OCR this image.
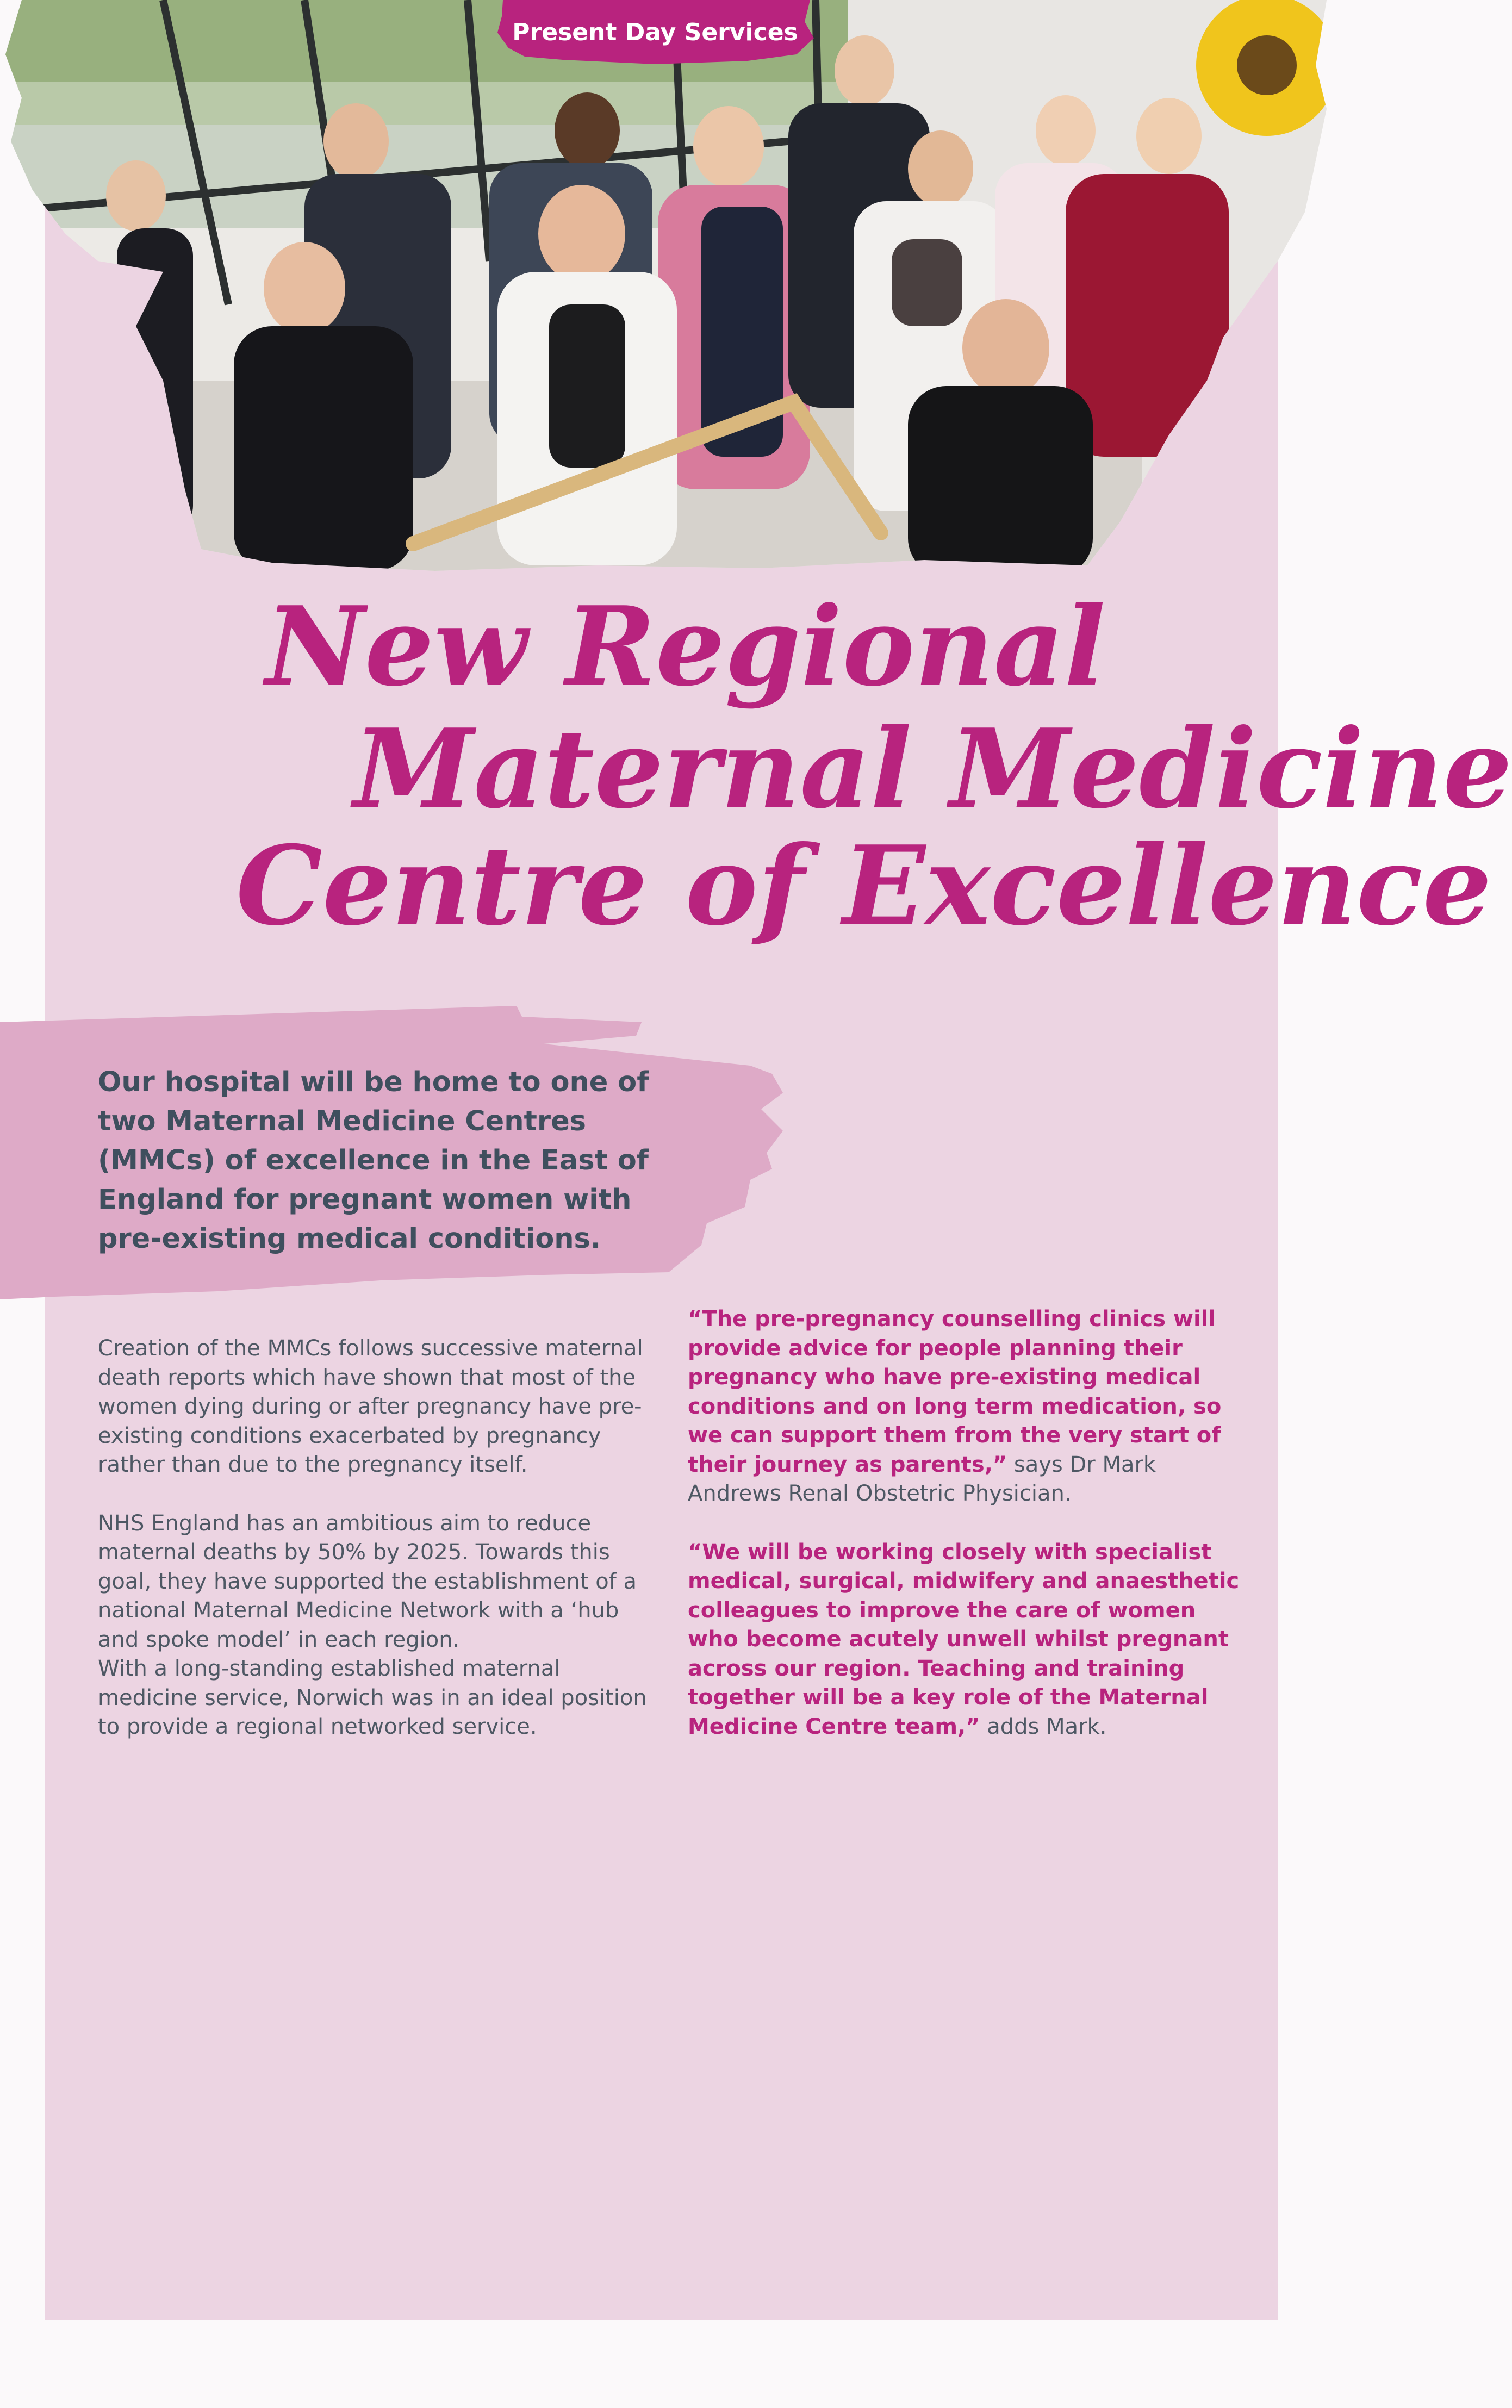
Present Day Services
New Regional
Maternal Medicine
Centre of Excellence
Our hospital will be home to one of two Maternal Medicine Centres (MMCs) of excellence in the East of England for pregnant women with pre-existing medical conditions.

Creation of the MMCs follows successive maternal death reports which have shown that most of the women dying during or after pregnancy have pre-existing conditions exacerbated by pregnancy rather than due to the pregnancy itself.

NHS England has an ambitious aim to reduce maternal deaths by 50% by 2025. Towards this goal, they have supported the establishment of a national Maternal Medicine Network with a ‘hub and spoke model’ in each region.

With a long-standing established maternal medicine service, Norwich was in an ideal position to provide a regional networked service.

“The pre-pregnancy counselling clinics will provide advice for people planning their pregnancy who have pre-existing medical conditions and on long term medication, so we can support them from the very start of their journey as parents,” says Dr Mark Andrews Renal Obstetric Physician.

“We will be working closely with specialist medical, surgical, midwifery and anaesthetic colleagues to improve the care of women who become acutely unwell whilst pregnant across our region. Teaching and training together will be a key role of the Maternal Medicine Centre team,” adds Mark.
